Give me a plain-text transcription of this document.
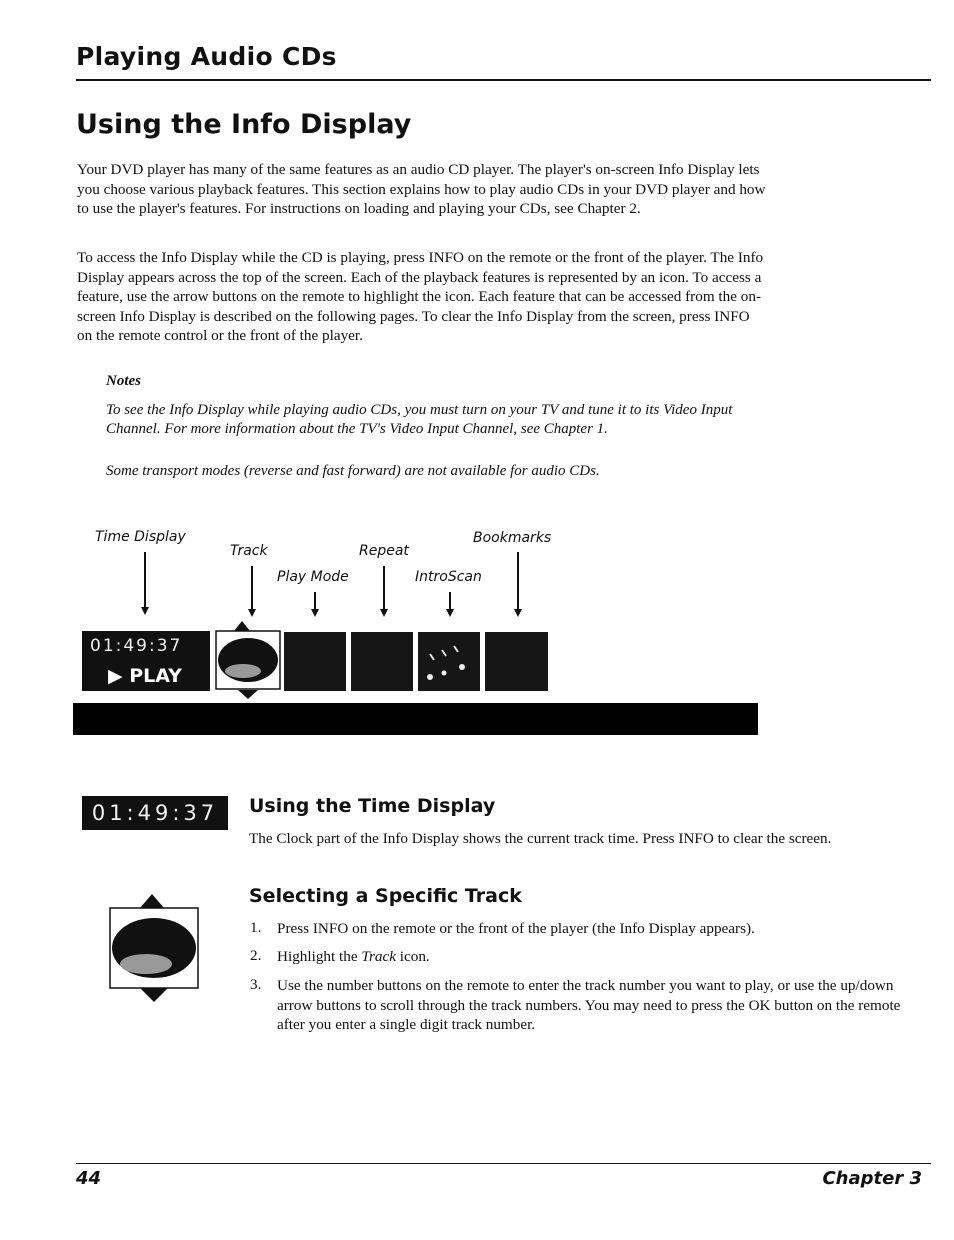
Playing Audio CDs
Using the Info Display

Your DVD player has many of the same features as an audio CD player. The player's on-screen Info Display lets you choose various playback features. This section explains how to play audio CDs in your DVD player and how to use the player's features. For instructions on loading and playing your CDs, see Chapter 2.

To access the Info Display while the CD is playing, press INFO on the remote or the front of the player. The Info Display appears across the top of the screen. Each of the playback features is represented by an icon. To access a feature, use the arrow buttons on the remote to highlight the icon. Each feature that can be accessed from the on-screen Info Display is described on the following pages. To clear the Info Display from the screen, press INFO on the remote control or the front of the player.

Notes

To see the Info Display while playing audio CDs, you must turn on your TV and tune it to its Video Input Channel. For more information about the TV's Video Input Channel, see Chapter 1.

Some transport modes (reverse and fast forward) are not available for audio CDs.

Time Display
Track	Repeat
Bookmarks
Play Mode	IntroScan
01:49:37
▶ PLAY
01:49:37	Using the Time Display
The Clock part of the Info Display shows the current track time. Press INFO to clear the screen.
Selecting a Specific Track
1. Press INFO on the remote or the front of the player (the Info Display appears).

2. Highlight the Track icon.

3. Use the number buttons on the remote to enter the track number you want to play, or use the up/down arrow buttons to scroll through the track numbers. You may need to press the OK button on the remote after you enter a single digit track number.

44	Chapter 3
